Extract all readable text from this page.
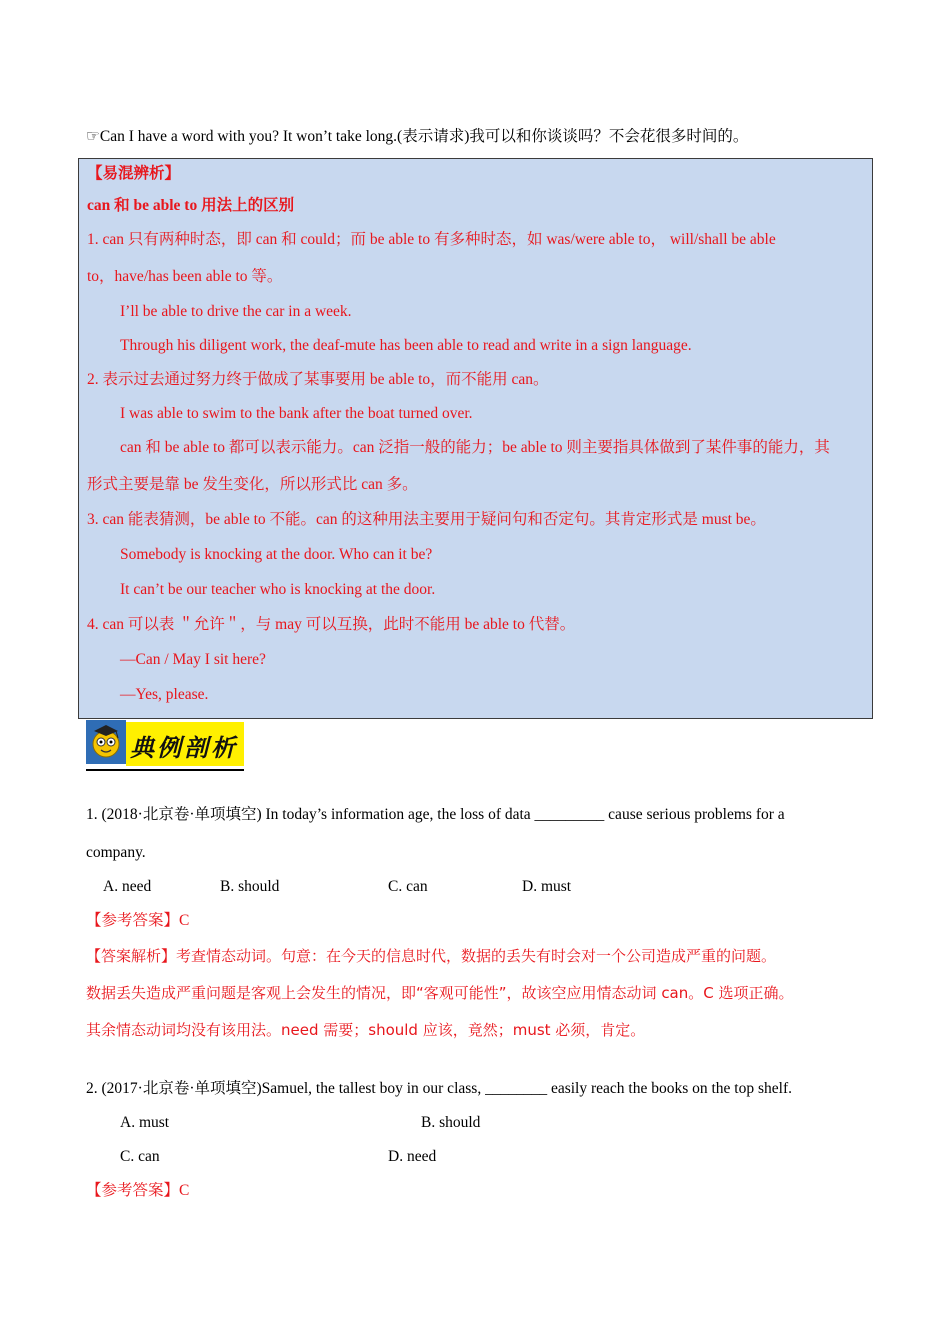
☞Can I have a word with you? It won’t take long.(表示请求)我可以和你谈谈吗？不会花很多时间的。
【易混辨析】
can 和 be able to 用法上的区别
1. can 只有两种时态，即 can 和 could；而 be able to 有多种时态，如 was/were able to， will/shall be able
to，have/has been able to 等。
I’ll be able to drive the car in a week.
Through his diligent work, the deaf-mute has been able to read and write in a sign language.
2. 表示过去通过努力终于做成了某事要用 be able to，而不能用 can。
I was able to swim to the bank after the boat turned over.
can 和 be able to 都可以表示能力。can 泛指一般的能力；be able to 则主要指具体做到了某件事的能力，其
形式主要是靠 be 发生变化，所以形式比 can 多。
3. can 能表猜测，be able to 不能。can 的这种用法主要用于疑问句和否定句。其肯定形式是 must be。
Somebody is knocking at the door. Who can it be?
It can’t be our teacher who is knocking at the door.
4. can 可以表 ＂允许＂，与 may 可以互换，此时不能用 be able to 代替。
—Can / May I sit here?
—Yes, please.
典例剖析
1. (2018·北京卷·单项填空) In today’s information age, the loss of data _________ cause serious problems for a
company.
A. need	B. should	C. can	D. must
【参考答案】C
【答案解析】考查情态动词。句意：在今天的信息时代，数据的丢失有时会对一个公司造成严重的问题。
数据丢失造成严重问题是客观上会发生的情况，即“客观可能性”，故该空应用情态动词 can。C 选项正确。
其余情态动词均没有该用法。need 需要；should 应该，竟然；must 必须，肯定。
2. (2017·北京卷·单项填空)Samuel, the tallest boy in our class, ________ easily reach the books on the top shelf.
A. must	B. should
C. can	D. need
【参考答案】C
